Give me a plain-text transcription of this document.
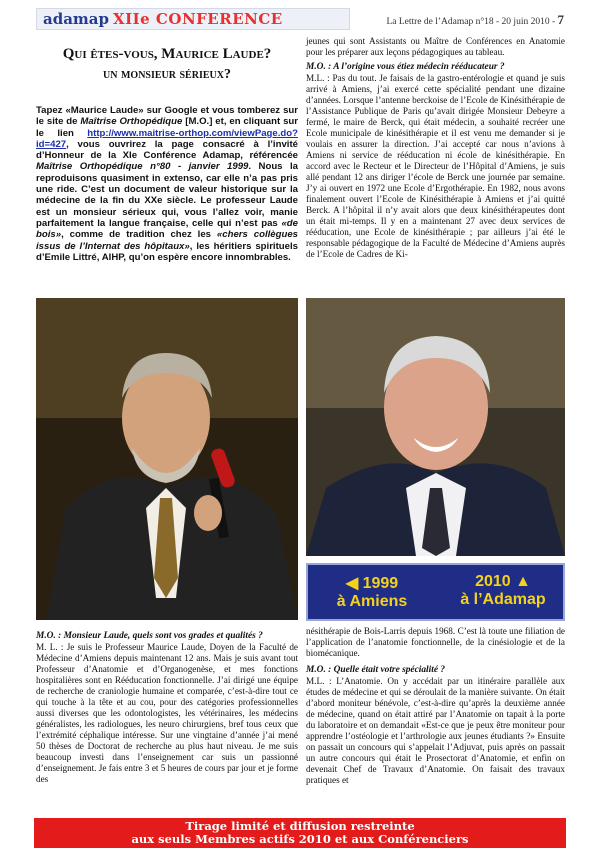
adamap XIIe CONFERENCE	La Lettre de l’Adamap n°18 - 20 juin 2010 - 7
Qui êtes-vous, Maurice Laude?
un monsieur sérieux?
Tapez «Maurice Laude» sur Google et vous tomberez sur le site de Maîtrise Orthopédique [M.O.] et, en cliquant sur le lien http://www.maitrise-orthop.com/viewPage.do?id=427, vous ouvrirez la page consacré à l’invité d’Honneur de la XIe Conférence Adamap, référencée Maîtrise Orthopédique n°80 - janvier 1999. Nous la reproduisons quasiment in extenso, car elle n’a pas pris une ride. C’est un document de valeur historique sur la médecine de la fin du XXe siècle. Le professeur Laude est un monsieur sérieux qui, vous l’allez voir, manie parfaitement la langue française, celle qui n’est pas «de bois», comme de tradition chez les «chers collègues issus de l’Internat des hôpitaux», les héritiers spirituels d’Emile Littré, AIHP, qu’on espère encore innombrables.
jeunes qui sont Assistants ou Maître de Conférences en Anatomie pour les préparer aux leçons pédagogiques au tableau.
M.O. : A l’origine vous étiez médecin rééducateur ?
M.L. : Pas du tout. Je faisais de la gastro-entérologie et quand je suis arrivé à Amiens, j’ai exercé cette spécialité pendant une dizaine d’années. Lorsque l’antenne berckoise de l’Ecole de Kinésithérapie de l’Assistance Publique de Paris qu’avait dirigée Monsieur Debeyre a fermé, le maire de Berck, qui était médecin, a souhaité recréer une Ecole municipale de kinésithérapie et il est venu me demander si je voulais en assurer la direction. J’ai accepté car nous n’avions à Amiens ni service de rééducation ni école de kinésithérapie. En accord avec le Recteur et le Directeur de l’Hôpital d’Amiens, je suis allé pendant 12 ans diriger l’école de Berck une journée par semaine. J’y ai ouvert en 1972 une Ecole d’Ergothérapie. En 1982, nous avons finalement ouvert l’Ecole de Kinésithérapie à Amiens et j’ai quitté Berck. A l’hôpital il n’y avait alors que deux kinésithérapeutes dont un était mi-temps. Il y en a maintenant 27 avec deux services de rééducation, une Ecole de kinésithérapie ; par ailleurs j’ai été le responsable pédagogique de la Faculté de Médecine d’Amiens auprès de l’Ecole de Cadres de Ki-
◀ 1999
à Amiens
2010 ▲
à l’Adamap
M.O. : Monsieur Laude, quels sont vos grades et qualités ?
M. L. : Je suis le Professeur Maurice Laude, Doyen de la Faculté de Médecine d’Amiens depuis maintenant 12 ans. Mais je suis avant tout Professeur d’Anatomie et d’Organogenèse, et mes fonctions hospitalières sont en Rééducation fonctionnelle. J’ai dirigé une équipe de recherche de craniologie humaine et comparée, c’est-à-dire tout ce qui touche à la tête et au cou, pour des catégories professionnelles aussi diverses que les odontologistes, les vétérinaires, les médecins généralistes, les radiologues, les neuro chirurgiens, bref tous ceux que l’extrémité céphalique intéresse. Sur une vingtaine d’année j’ai mené 50 thèses de Doctorat de recherche au plus haut niveau. Je me suis beaucoup investi dans l’enseignement car suis un passionné d’enseignement. Je fais entre 3 et 5 heures de cours par jour et je forme des
nésithérapie de Bois-Larris depuis 1968. C’est là toute une filiation de l’application de l’anatomie fonctionnelle, de la cinésiologie et de la biomécanique.
M.O. : Quelle était votre spécialité ?
M.L. : L’Anatomie. On y accédait par un itinéraire parallèle aux études de médecine et qui se déroulait de la manière suivante. On était d’abord moniteur bénévole, c’est-à-dire qu’après la deuxième année de médecine, quand on était attiré par l’Anatomie on tapait à la porte du laboratoire et on demandait «Est-ce que je peux être moniteur pour apprendre l’ostéologie et l’arthrologie aux jeunes étudiants ?» Ensuite on passait un concours qui s’appelait l’Adjuvat, puis après on passait un autre concours qui était le Prosectorat d’Anatomie, et enfin on devenait Chef de Travaux d’Anatomie. On faisait des travaux pratiques et
Tirage limité et diffusion restreinte
aux seuls Membres actifs 2010 et aux Conférenciers
